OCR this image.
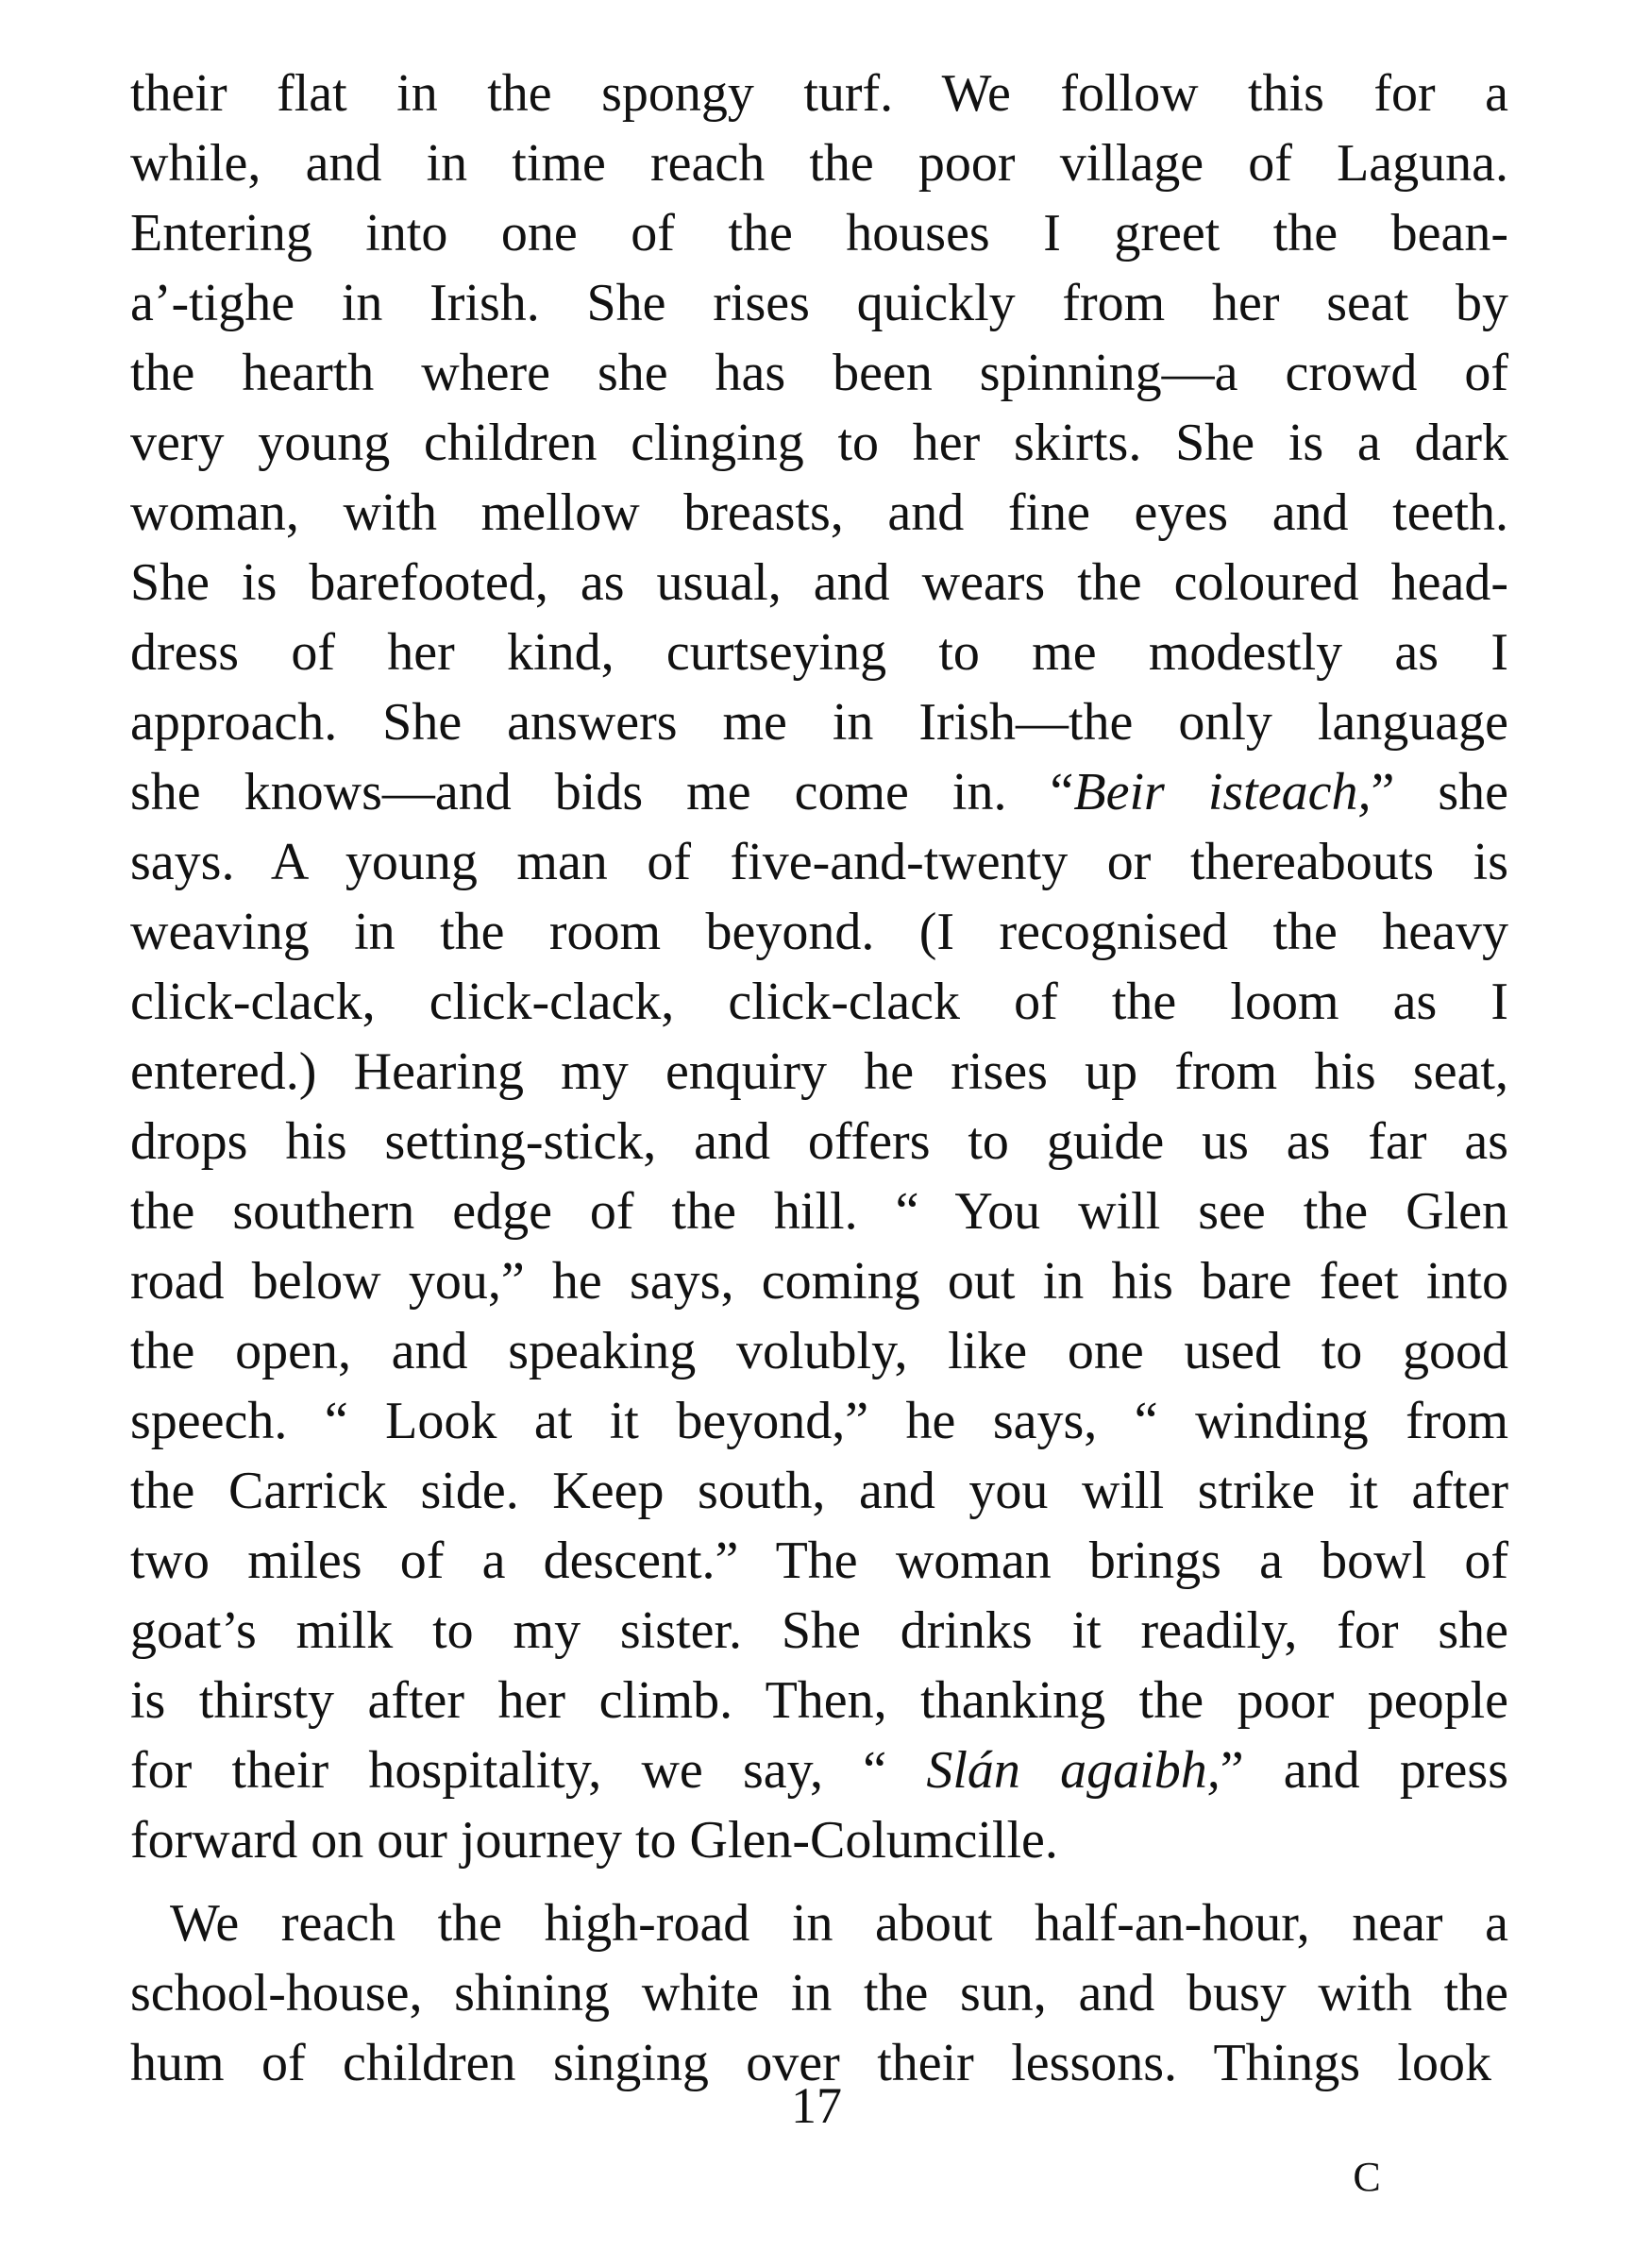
their flat in the spongy turf. We follow this for a
while, and in time reach the poor village of Laguna.
Entering into one of the houses I greet the bean-
a’-tighe in Irish. She rises quickly from her seat by
the hearth where she has been spinning—a crowd of
very young children clinging to her skirts. She is a dark
woman, with mellow breasts, and fine eyes and teeth.
She is barefooted, as usual, and wears the coloured head-
dress of her kind, curtseying to me modestly as I
approach. She answers me in Irish—the only language
she knows—and bids me come in. “Beir isteach,” she
says. A young man of five-and-twenty or thereabouts is
weaving in the room beyond. (I recognised the heavy
click-clack, click-clack, click-clack of the loom as I
entered.) Hearing my enquiry he rises up from his seat,
drops his setting-stick, and offers to guide us as far as
the southern edge of the hill. “ You will see the Glen
road below you,” he says, coming out in his bare feet into
the open, and speaking volubly, like one used to good
speech. “ Look at it beyond,” he says, “ winding from
the Carrick side. Keep south, and you will strike it after
two miles of a descent.” The woman brings a bowl of
goat’s milk to my sister. She drinks it readily, for she
is thirsty after her climb. Then, thanking the poor people
for their hospitality, we say, “ Slán agaibh,” and press
forward on our journey to Glen-Columcille.
We reach the high-road in about half-an-hour, near a
school-house, shining white in the sun, and busy with the
hum of children singing over their lessons. Things look
17
C
